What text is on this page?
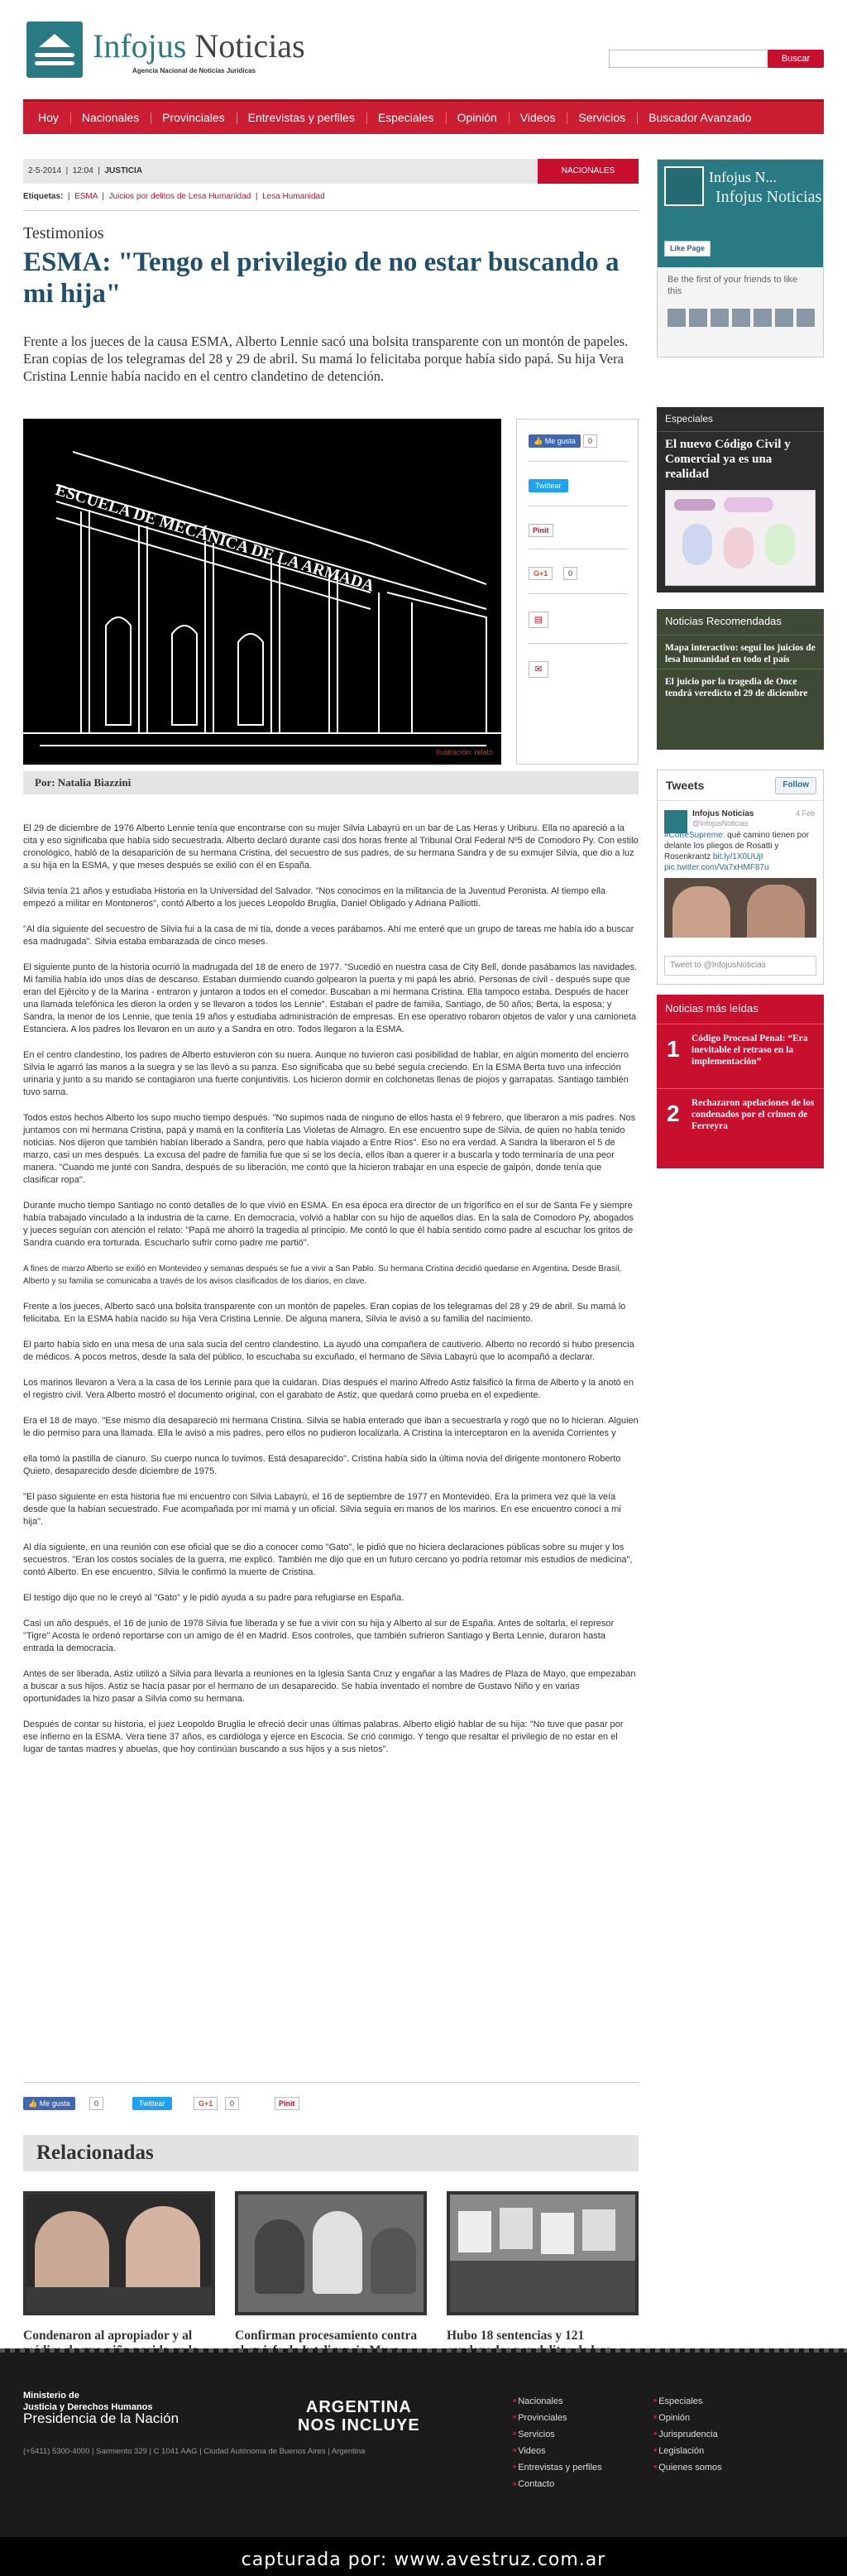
Infojus Noticias
Agencia Nacional de Noticias Jurídicas
Buscar
Hoy	Nacionales	Provinciales	Entrevistas y perfiles	Especiales	Opinión	Videos	Servicios	Buscador Avanzado
2-5-2014  |  12:04  |  JUSTICIA	NACIONALES
Etiquetas:  |  ESMA  |  Juicios por delitos de Lesa Humanidad  |  Lesa Humanidad
Testimonios
ESMA: "Tengo el privilegio de no estar buscando a mi hija"

Frente a los jueces de la causa ESMA, Alberto Lennie sacó una bolsita transparente con un montón de papeles. Eran copias de los telegramas del 28 y 29 de abril. Su mamá lo felicitaba porque había sido papá. Su hija Vera Cristina Lennie había nacido en el centro clandetino de detención.

ESCUELA DE MECÁNICA DE LA ARMADA
Ilustración: relato
👍 Me gusta	0
Twittear
Pinit
G+1	0
▤
✉
Por: Natalia Biazzini

El 29 de diciembre de 1976 Alberto Lennie tenía que encontrarse con su mujer Silvia Labayrú en un bar de Las Heras y Uriburu. Ella no apareció a la cita y eso significaba que había sido secuestrada. Alberto declaró durante casi dos horas frente al Tribunal Oral Federal Nº5 de Comodoro Py. Con estilo cronológico, habló de la desaparición de su hermana Cristina, del secuestro de sus padres, de su hermana Sandra y de su exmujer Silvia, que dio a luz a su hija en la ESMA, y que meses después se exilió con él en España.

Silvia tenía 21 años y estudiaba Historia en la Universidad del Salvador. "Nos conocimos en la militancia de la Juventud Peronista. Al tiempo ella empezó a militar en Montoneros", contó Alberto a los jueces Leopoldo Bruglia, Daniel Obligado y Adriana Palliotti.

"Al día siguiente del secuestro de Silvia fui a la casa de mi tía, donde a veces parábamos. Ahí me enteré que un grupo de tareas me había ido a buscar esa madrugada". Silvia estaba embarazada de cinco meses.

El siguiente punto de la historia ocurrió la madrugada del 18 de enero de 1977. "Sucedió en nuestra casa de City Bell, donde pasábamos las navidades. Mi familia había ido unos días de descanso. Estaban durmiendo cuando golpearon la puerta y mi papá les abrió. Personas de civil - después supe que eran del Ejército y de la Marina - entraron y juntaron a todos en el comedor. Buscaban a mi hermana Cristina. Ella tampoco estaba. Después de hacer una llamada telefónica les dieron la orden y se llevaron a todos los Lennie". Estaban el padre de familia, Santiago, de 50 años; Berta, la esposa; y Sandra, la menor de los Lennie, que tenía 19 años y estudiaba administración de empresas. En ese operativo robaron objetos de valor y una camioneta Estanciera. A los padres los llevaron en un auto y a Sandra en otro. Todos llegaron a la ESMA.

En el centro clandestino, los padres de Alberto estuvieron con su nuera. Aunque no tuvieron casi posibilidad de hablar, en algún momento del encierro Silvia le agarró las manos a la suegra y se las llevó a su panza. Eso significaba que su bebé seguía creciendo. En la ESMA Berta tuvo una infección urinaria y junto a su marido se contagiaron una fuerte conjuntivitis. Los hicieron dormir en colchonetas llenas de piojos y garrapatas. Santiago también tuvo sarna.

Todos estos hechos Alberto los supo mucho tiempo después. "No supimos nada de ninguno de ellos hasta el 9 febrero, que liberaron a mis padres. Nos juntamos con mi hermana Cristina, papá y mamá en la confitería Las Violetas de Almagro. En ese encuentro supe de Silvia, de quien no había tenido noticias. Nos dijeron que también habían liberado a Sandra, pero que había viajado a Entre Ríos". Eso no era verdad. A Sandra la liberaron el 5 de marzo, casi un mes después. La excusa del padre de familia fue que si se los decía, ellos iban a querer ir a buscarla y todo terminaría de una peor manera. "Cuando me junté con Sandra, después de su liberación, me contó que la hicieron trabajar en una especie de galpón, donde tenía que clasificar ropa".

Durante mucho tiempo Santiago no contó detalles de lo que vivió en ESMA. En esa época era director de un frigorífico en el sur de Santa Fe y siempre había trabajado vinculado a la industria de la carne. En democracia, volvió a hablar con su hijo de aquellos días. En la sala de Comodoro Py, abogados y jueces seguían con atención el relato: "Papá me ahorró la tragedia al principio. Me contó lo que él había sentido como padre al escuchar los gritos de Sandra cuando era torturada. Escucharlo sufrir como padre me partió".

A fines de marzo Alberto se exilió en Montevideo y semanas después se fue a vivir a San Pablo. Su hermana Cristina decidió quedarse en Argentina. Desde Brasil, Alberto y su familia se comunicaba a través de los avisos clasificados de los diarios, en clave.

Frente a los jueces, Alberto sacó una bolsita transparente con un montón de papeles. Eran copias de los telegramas del 28 y 29 de abril. Su mamá lo felicitaba. En la ESMA había nacido su hija Vera Cristina Lennie. De alguna manera, Silvia le avisó a su familia del nacimiento.

El parto había sido en una mesa de una sala sucia del centro clandestino. La ayudó una compañera de cautiverio. Alberto no recordó si hubo presencia de médicos. A pocos metros, desde la sala del público, lo escuchaba su excuñado, el hermano de Silvia Labayrú que lo acompañó a declarar.

Los marinos llevaron a Vera a la casa de los Lennie para que la cuidaran. Días después el marino Alfredo Astiz falsificó la firma de Alberto y la anotó en el registro civil. Vera Alberto mostró el documento original, con el garabato de Astiz, que quedará como prueba en el expediente.

Era el 18 de mayo. "Ese mismo día desapareció mi hermana Cristina. Silvia se había enterado que iban a secuestrarla y rogó que no lo hicieran. Alguien le dio permiso para una llamada. Ella le avisó a mis padres, pero ellos no pudieron localizarla. A Cristina la interceptaron en la avenida Corrientes y

ella tomó la pastilla de cianuro. Su cuerpo nunca lo tuvimos. Está desaparecido". Cristina había sido la última novia del dirigente montonero Roberto Quieto, desaparecido desde diciembre de 1975.

"El paso siguiente en esta historia fue mi encuentro con Silvia Labayrú, el 16 de septiembre de 1977 en Montevideo. Era la primera vez que la veía desde que la habían secuestrado. Fue acompañada por mi mamá y un oficial. Silvia seguía en manos de los marinos. En ese encuentro conocí a mi hija".

Al día siguiente, en una reunión con ese oficial que se dio a conocer como "Gato", le pidió que no hiciera declaraciones públicas sobre su mujer y los secuestros. "Eran los costos sociales de la guerra, me explicó. También me dijo que en un futuro cercano yo podría retomar mis estudios de medicina", contó Alberto. En ese encuentro, Silvia le confirmó la muerte de Cristina.

El testigo dijo que no le creyó al "Gato" y le pidió ayuda a su padre para refugiarse en España.

Casi un año después, el 16 de junio de 1978 Silvia fue liberada y se fue a vivir con su hija y Alberto al sur de España. Antes de soltarla, el represor "Tigre" Acosta le ordenó reportarse con un amigo de él en Madrid. Esos controles, que también sufrieron Santiago y Berta Lennie, duraron hasta entrada la democracia.

Antes de ser liberada, Astiz utilizó a Silvia para llevarla a reuniones en la Iglesia Santa Cruz y engañar a las Madres de Plaza de Mayo, que empezaban a buscar a sus hijos. Astiz se hacía pasar por el hermano de un desaparecido. Se había inventado el nombre de Gustavo Niño y en varias oportunidades la hizo pasar a Silvia como su hermana.

Después de contar su historia, el juez Leopoldo Bruglia le ofreció decir unas últimas palabras. Alberto eligió hablar de su hija: "No tuve que pasar por ese infierno en la ESMA. Vera tiene 37 años, es cardióloga y ejerce en Escocia. Se crió conmigo. Y tengo que resaltar el privilegio de no estar en el lugar de tantas madres y abuelas, que hoy continúan buscando a sus hijos y a sus nietos".

👍 Me gusta	0	Twittear	G+1	0	Pinit
Relacionadas
Condenaron al apropiador y al	Confirman procesamiento contra	Hubo 18 sentencias y 121
Infojus N...
Infojus Noticias
Like Page
Be the first of your friends to like this
Especiales
El nuevo Código Civil y Comercial ya es una realidad
Noticias Recomendadas
Mapa interactivo: seguí los juicios de lesa humanidad en todo el país
El juicio por la tragedia de Once tendrá veredicto el 29 de diciembre
Tweets	Follow
Infojus Noticias
@InfojusNoticias
4 Feb
#CorteSupreme: qué camino tienen por delante los pliegos de Rosatti y Rosenkrantz bit.ly/1X0UUjI pic.twitter.com/Va7xHMF87u
Tweet to @InfojusNoticias
Noticias más leídas
1 Código Procesal Penal: “Era inevitable el retraso en la implementación”
2 Rechazaron apelaciones de los condenados por el crimen de Ferreyra
Ministerio de
Justicia y Derechos Humanos
Presidencia de la Nación
(+5411) 5300-4000 | Sarmiento 329 | C 1041 AAG | Ciudad Autónoma de Buenos Aires | Argentina
ARGENTINA
NOS INCLUYE
■ Nacionales
■ Provinciales
■ Servicios
■ Videos
■ Entrevistas y perfiles
■ Contacto
■ Especiales
■ Opinión
■ Jurisprudencia
■ Legislación
■ Quienes somos
capturada por: www.avestruz.com.ar
